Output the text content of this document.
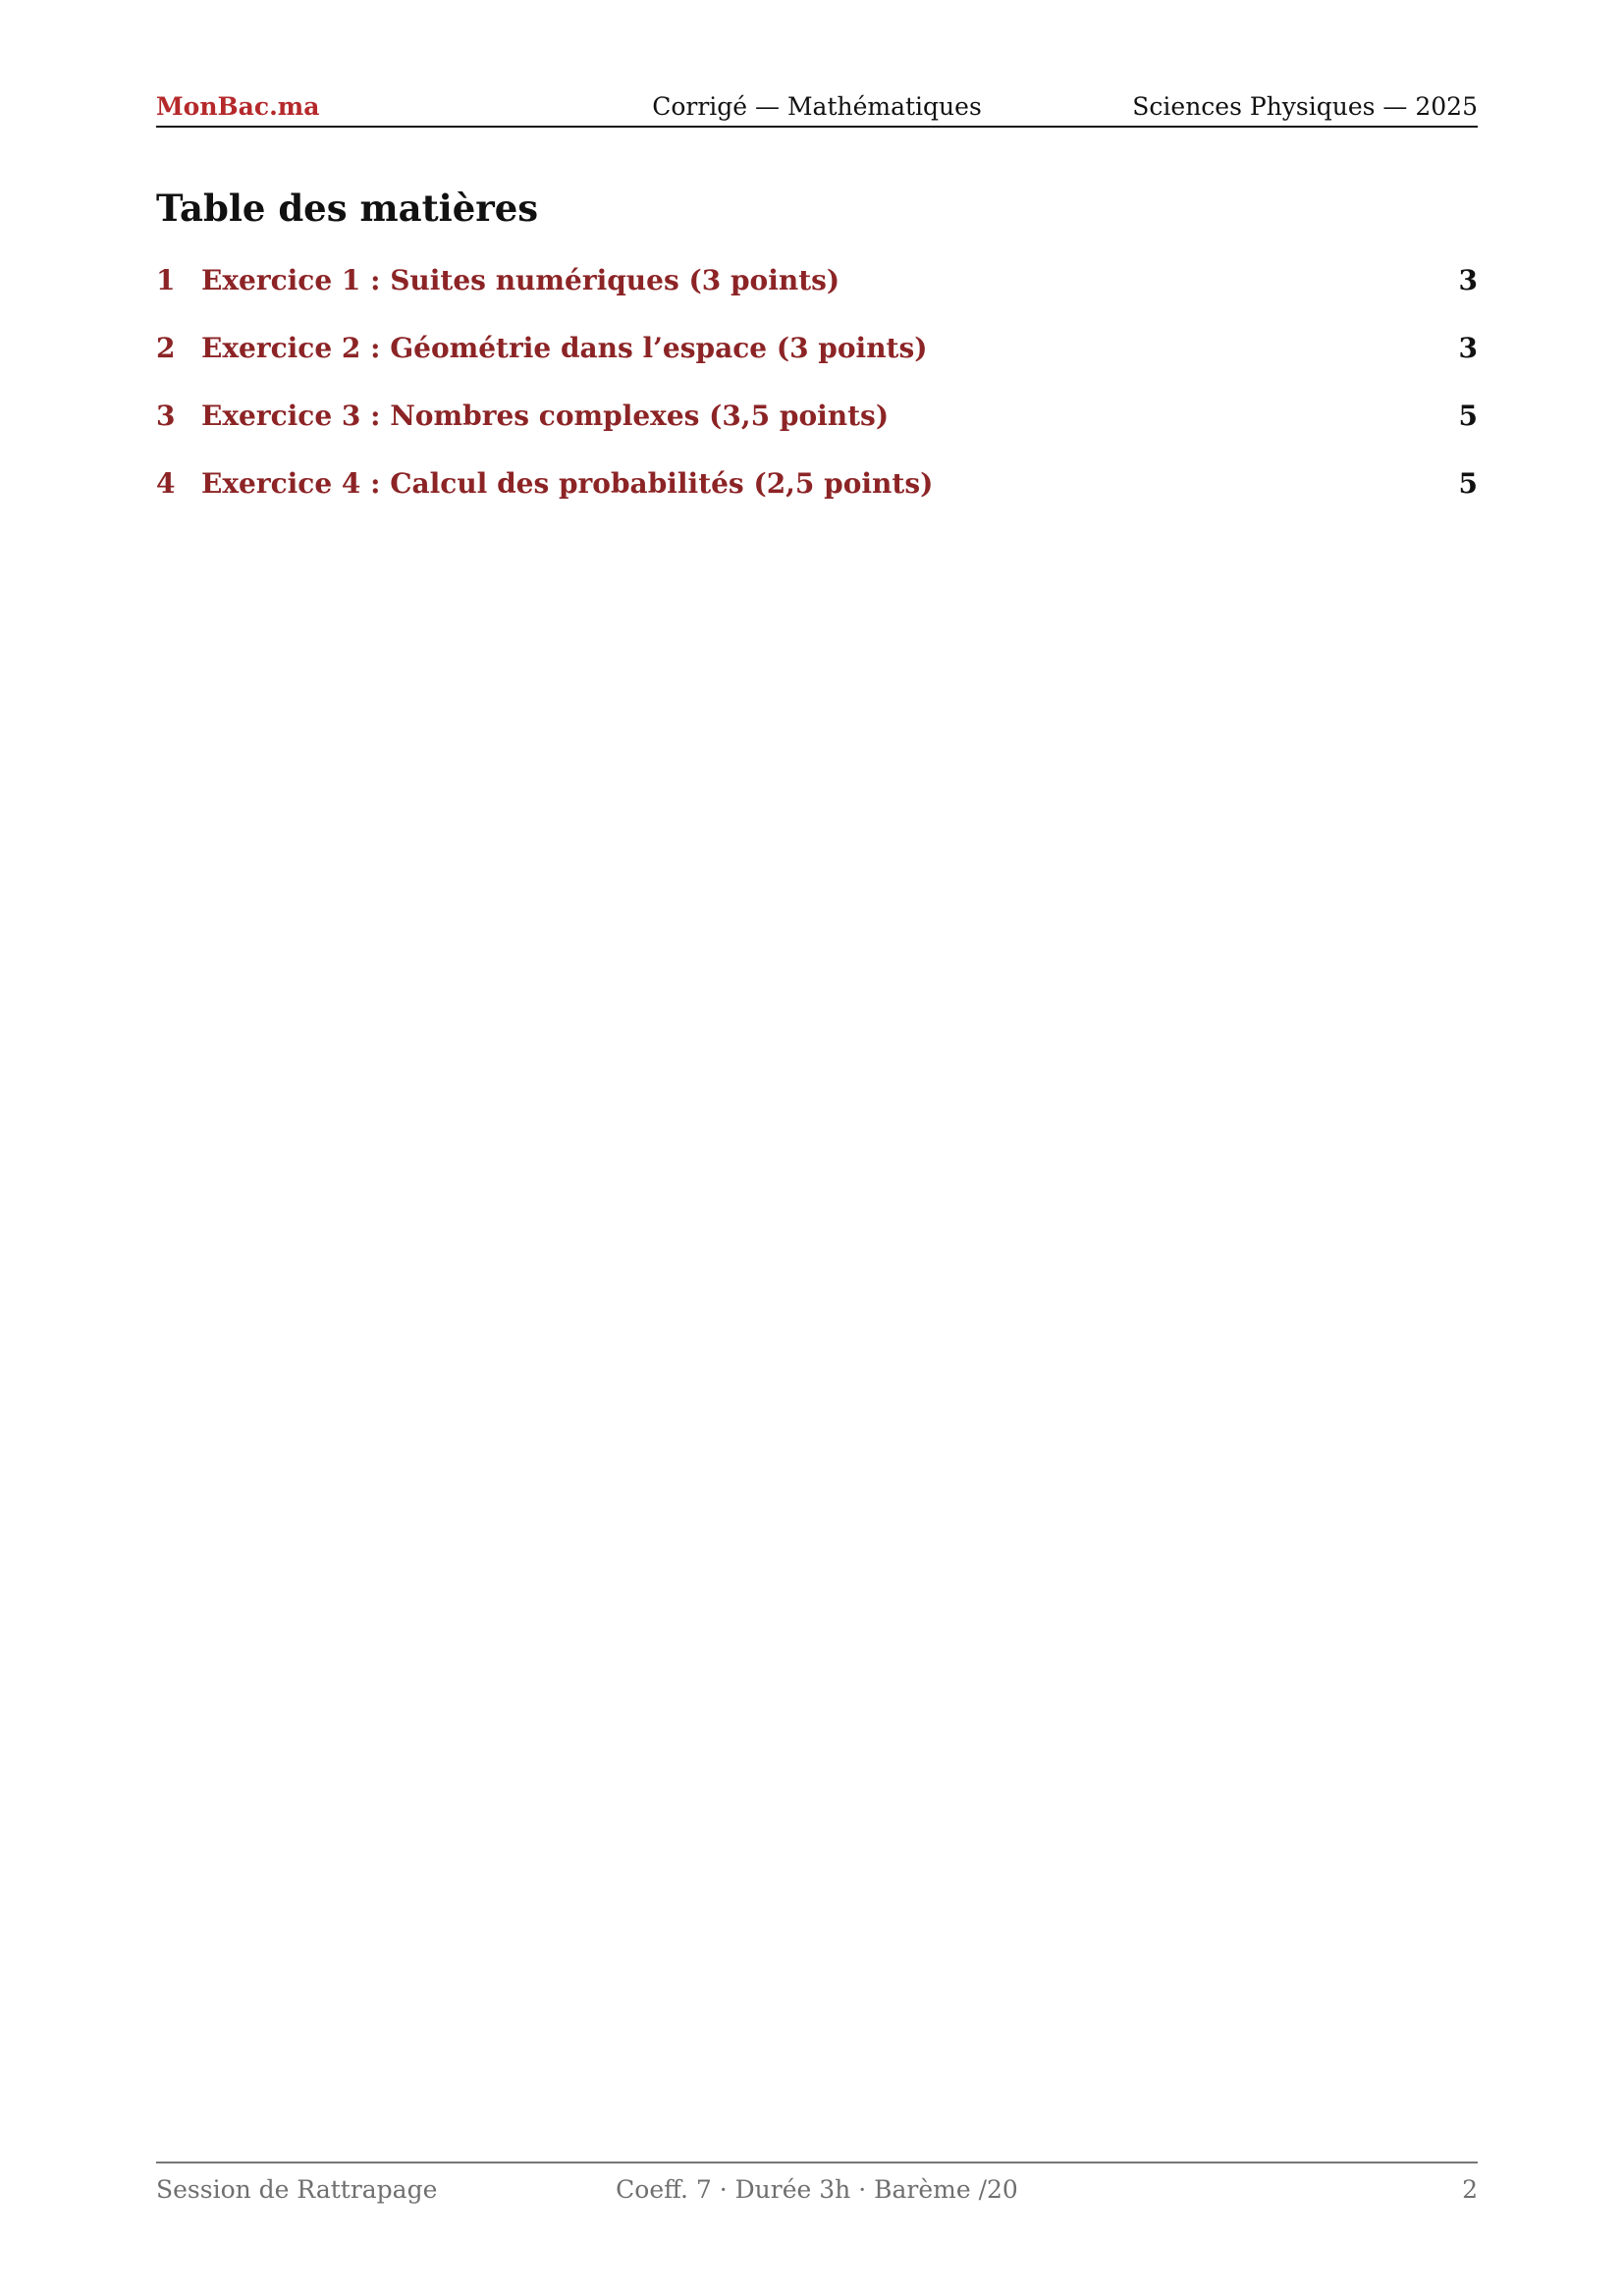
Corrigé — Mathématiques
MonBac.ma	Sciences Physiques — 2025
Table des matières
1 Exercice 1 : Suites numériques (3 points)	3
2 Exercice 2 : Géométrie dans l’espace (3 points)	3
3 Exercice 3 : Nombres complexes (3,5 points)	5
4 Exercice 4 : Calcul des probabilités (2,5 points)	5
Coeff. 7 · Durée 3h · Barème /20
Session de Rattrapage	2
